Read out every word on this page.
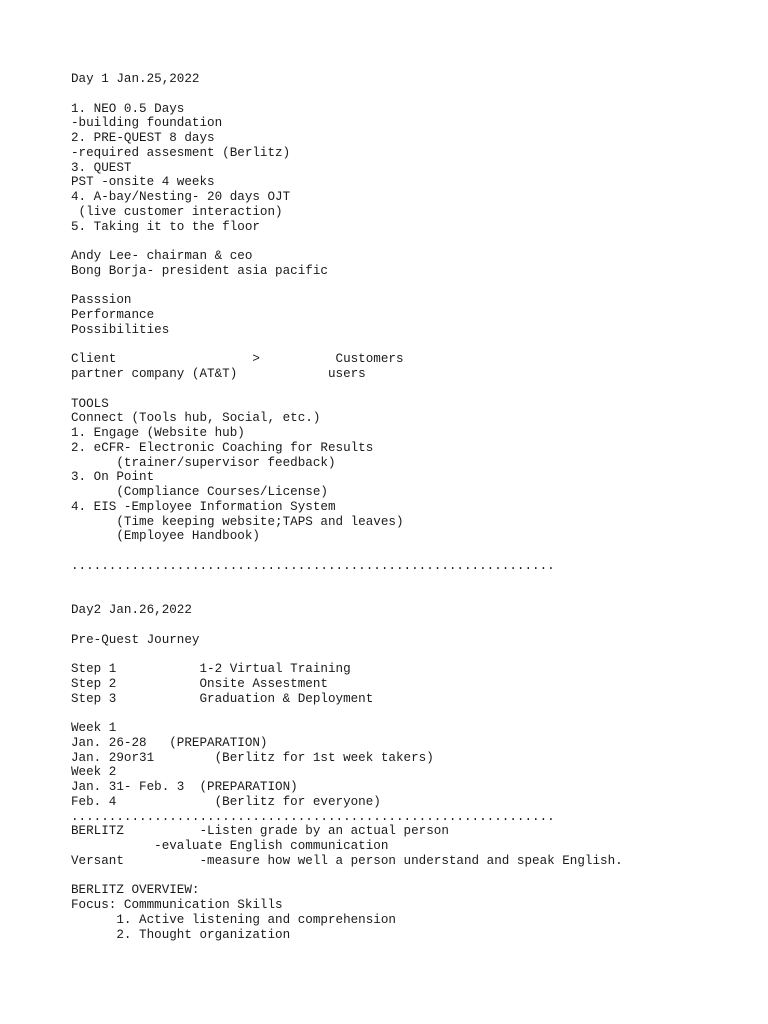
Day 1 Jan.25,2022
1. NEO 0.5 Days
-building foundation
2. PRE-QUEST 8 days
-required assesment (Berlitz)
3. QUEST
PST -onsite 4 weeks
4. A-bay/Nesting- 20 days OJT
(live customer interaction)
5. Taking it to the floor
Andy Lee- chairman & ceo
Bong Borja- president asia pacific
Passsion
Performance
Possibilities
Client                  >          Customers
partner company (AT&T)            users
TOOLS
Connect (Tools hub, Social, etc.)
1. Engage (Website hub)
2. eCFR- Electronic Coaching for Results
(trainer/supervisor feedback)
3. On Point
(Compliance Courses/License)
4. EIS -Employee Information System
(Time keeping website;TAPS and leaves)
(Employee Handbook)
................................................................
Day2 Jan.26,2022
Pre-Quest Journey
Step 1           1-2 Virtual Training
Step 2           Onsite Assestment
Step 3           Graduation & Deployment
Week 1
Jan. 26-28   (PREPARATION)
Jan. 29or31        (Berlitz for 1st week takers)
Week 2
Jan. 31- Feb. 3  (PREPARATION)
Feb. 4             (Berlitz for everyone)
................................................................
BERLITZ          -Listen grade by an actual person
-evaluate English communication
Versant          -measure how well a person understand and speak English.
BERLITZ OVERVIEW:
Focus: Commmunication Skills
1. Active listening and comprehension
2. Thought organization
